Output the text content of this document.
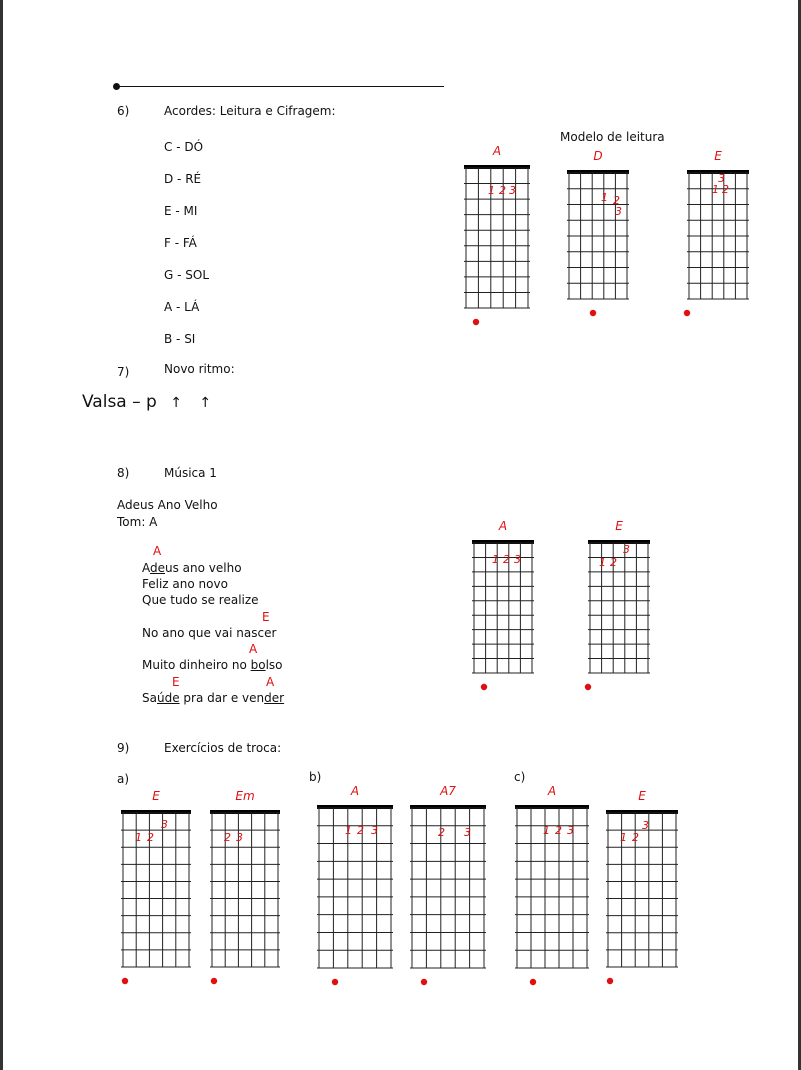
6)	Acordes: Leitura e Cifragem:
C - DÓ
D - RÉ
E - MI
F - FÁ
G - SOL
A - LÁ
B - SI
Modelo de leitura
7)	Novo ritmo:
Valsa – p ↑ ↑
8)	Música 1
Adeus Ano Velho
Tom: A
A
Adeus ano velho
Feliz ano novo
Que tudo se realize
E
No ano que vai nascer
A
Muito dinheiro no bolso
E	A
Saúde pra dar e vender
9)	Exercícios de troca:
a)	b)	c)
A
1 2 3
D
1 2
3
E
1 2
3
A
1 2 3
E
1 2
3
E
1 2
3
Em
2 3
A
1 2 3
A7
2 3
A
1 2 3
E
1 2
3
